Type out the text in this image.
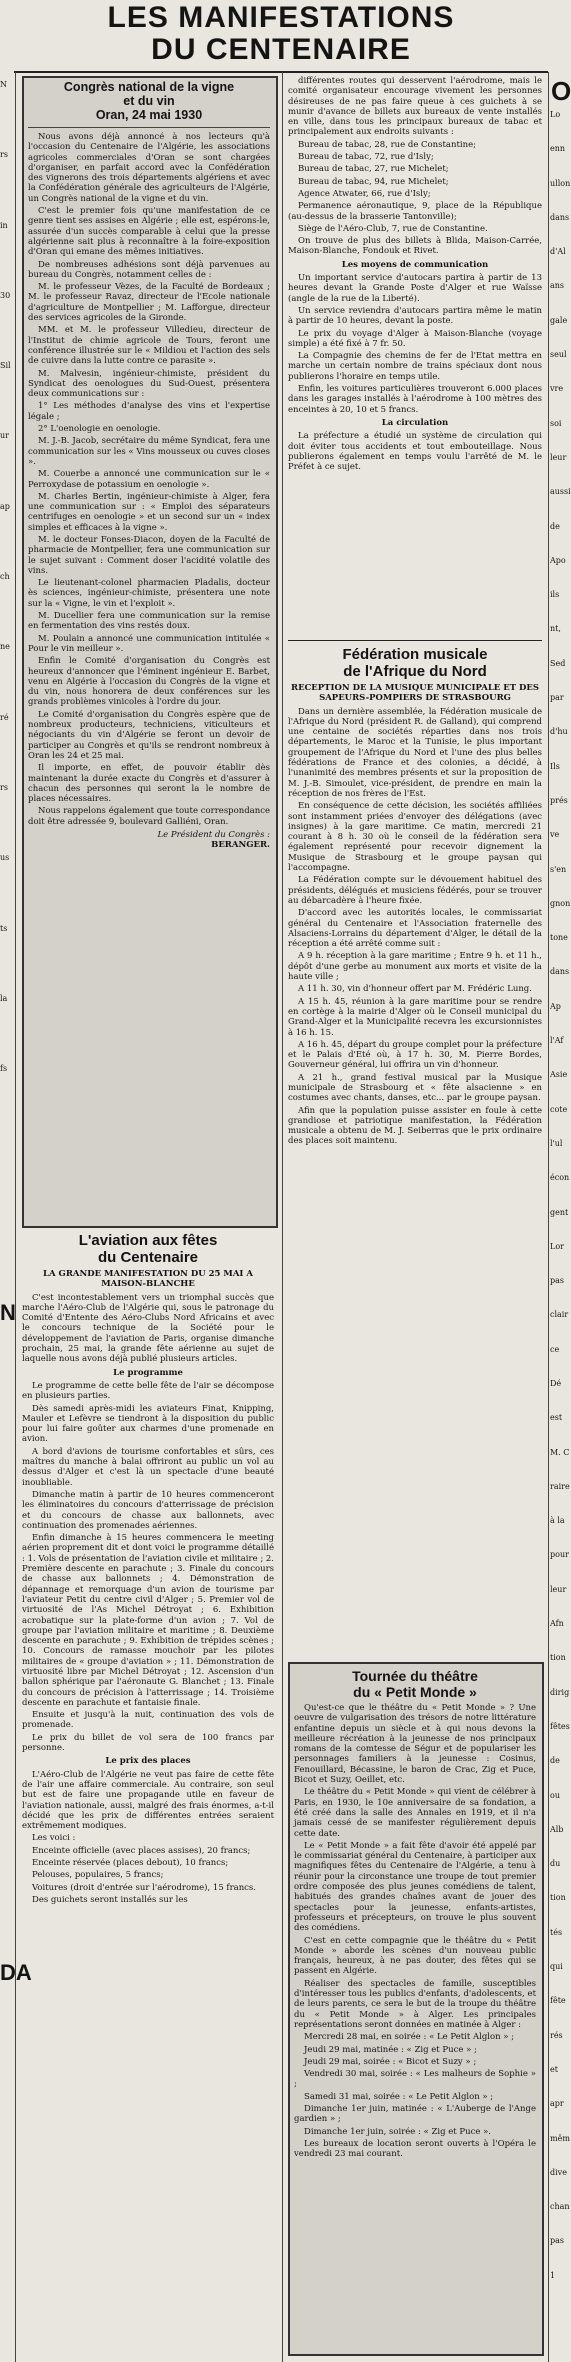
N
rs
in
30
Sil
ur
ap
ch
ne
ré
rs
us
ts
la
fs
LES MANIFESTATIONS
DU CENTENAIRE
Congrès national de la vigne
et du vin
Oran, 24 mai 1930

Nous avons déjà annoncé à nos lecteurs qu'à l'occasion du Centenaire de l'Algérie, les associations agricoles commerciales d'Oran se sont chargées d'organiser, en parfait accord avec la Confédération des vignerons des trois départements algériens et avec la Confédération générale des agriculteurs de l'Algérie, un Congrès national de la vigne et du vin.

C'est le premier fois qu'une manifestation de ce genre tient ses assises en Algérie ; elle est, espérons-le, assurée d'un succès comparable à celui que la presse algérienne sait plus à reconnaître à la foire-exposition d'Oran qui emane des mêmes initiatives.

De nombreuses adhésions sont déjà parvenues au bureau du Congrès, notamment celles de :

M. le professeur Vèzes, de la Faculté de Bordeaux ; M. le professeur Ravaz, directeur de l'Ecole nationale d'agriculture de Montpellier ; M. Lafforgue, directeur des services agricoles de la Gironde.

MM. et M. le professeur Villedieu, directeur de l'Institut de chimie agricole de Tours, feront une conférence illustrée sur le « Mildiou et l'action des sels de cuivre dans la lutte contre ce parasite ».

M. Malvesin, ingénieur-chimiste, président du Syndicat des oenologues du Sud-Ouest, présentera deux communications sur :

1° Les méthodes d'analyse des vins et l'expertise légale ;

2° L'oenologie en oenologie.

M. J.-B. Jacob, secrétaire du même Syndicat, fera une communication sur les « Vins mousseux ou cuves closes ».

M. Couerbe a annoncé une communication sur le « Perroxydase de potassium en oenologie ».

M. Charles Bertin, ingénieur-chimiste à Alger, fera une communication sur : « Emploi des séparateurs centrifuges en oenologie » et un second sur un « index simples et efficaces à la vigne ».

M. le docteur Fonses-Diacon, doyen de la Faculté de pharmacie de Montpellier, fera une communication sur le sujet suivant : Comment doser l'acidité volatile des vins.

Le lieutenant-colonel pharmacien Pladalis, docteur ès sciences, ingénieur-chimiste, présentera une note sur la « Vigne, le vin et l'exploit ».

M. Ducellier fera une communication sur la remise en fermentation des vins restés doux.

M. Poulain a annoncé une communication intitulée « Pour le vin meilleur ».

Enfin le Comité d'organisation du Congrès est heureux d'annoncer que l'éminent ingénieur E. Barbet, venu en Algérie à l'occasion du Congrès de la vigne et du vin, nous honorera de deux conférences sur les grands problèmes vinicoles à l'ordre du jour.

Le Comité d'organisation du Congrès espère que de nombreux producteurs, techniciens, viticulteurs et négociants du vin d'Algérie se feront un devoir de participer au Congrès et qu'ils se rendront nombreux à Oran les 24 et 25 mai.

Il importe, en effet, de pouvoir établir dès maintenant la durée exacte du Congrès et d'assurer à chacun des personnes qui seront la le nombre de places nécessaires.

Nous rappelons également que toute correspondance doit être adressée 9, boulevard Galliéni, Oran.

Le Président du Congrès :
BERANGER.
L'aviation aux fêtes
du Centenaire
LA GRANDE MANIFESTATION DU 25 MAI A MAISON-BLANCHE

C'est incontestablement vers un triomphal succès que marche l'Aéro-Club de l'Algérie qui, sous le patronage du Comité d'Entente des Aéro-Clubs Nord Africains et avec le concours technique de la Société pour le développement de l'aviation de Paris, organise dimanche prochain, 25 mai, la grande fête aérienne au sujet de laquelle nous avons déjà publié plusieurs articles.

Le programme

Le programme de cette belle fête de l'air se décompose en plusieurs parties.

Dès samedi après-midi les aviateurs Finat, Knipping, Mauler et Lefèvre se tiendront à la disposition du public pour lui faire goûter aux charmes d'une promenade en avion.

A bord d'avions de tourisme confortables et sûrs, ces maîtres du manche à balai offriront au public un vol au dessus d'Alger et c'est là un spectacle d'une beauté inoubliable.

Dimanche matin à partir de 10 heures commenceront les éliminatoires du concours d'atterrissage de précision et du concours de chasse aux ballonnets, avec continuation des promenades aériennes.

Enfin dimanche à 15 heures commencera le meeting aérien proprement dit et dont voici le programme détaillé : 1. Vols de présentation de l'aviation civile et militaire ; 2. Première descente en parachute ; 3. Finale du concours de chasse aux ballonnets ; 4. Démonstration de dépannage et remorquage d'un avion de tourisme par l'aviateur Petit du centre civil d'Alger ; 5. Premier vol de virtuosité de l'As Michel Détroyat ; 6. Exhibition acrobatique sur la plate-forme d'un avion ; 7. Vol de groupe par l'aviation militaire et maritime ; 8. Deuxième descente en parachute ; 9. Exhibition de trépides scènes ; 10. Concours de ramasse mouchoir par les pilotes militaires de « groupe d'aviation » ; 11. Démonstration de virtuosité libre par Michel Détroyat ; 12. Ascension d'un ballon sphérique par l'aéronaute G. Blanchet ; 13. Finale du concours de précision à l'atterrissage ; 14. Troisième descente en parachute et fantaisie finale.

Ensuite et jusqu'à la nuit, continuation des vols de promenade.

Le prix du billet de vol sera de 100 francs par personne.

Le prix des places

L'Aéro-Club de l'Algérie ne veut pas faire de cette fête de l'air une affaire commerciale. Au contraire, son seul but est de faire une propagande utile en faveur de l'aviation nationale, aussi, malgré des frais énormes, a-t-il décidé que les prix de différentes entrées seraient extrêmement modiques.

Les voici :

Enceinte officielle (avec places assises), 20 francs;

Enceinte réservée (places debout), 10 francs;

Pelouses, populaires, 5 francs;

Voitures (droit d'entrée sur l'aérodrome), 15 francs.

Des guichets seront installés sur les

différentes routes qui desservent l'aérodrome, mais le comité organisateur encourage vivement les personnes désireuses de ne pas faire queue à ces guichets à se munir d'avance de billets aux bureaux de vente installés en ville, dans tous les principaux bureaux de tabac et principalement aux endroits suivants :

Bureau de tabac, 28, rue de Constantine;

Bureau de tabac, 72, rue d'Isly;

Bureau de tabac, 27, rue Michelet;

Bureau de tabac, 94, rue Michelet;

Agence Atwater, 66, rue d'Isly;

Permanence aéronautique, 9, place de la République (au-dessus de la brasserie Tantonville);

Siège de l'Aéro-Club, 7, rue de Constantine.

On trouve de plus des billets à Blida, Maison-Carrée, Maison-Blanche, Fondouk et Rivet.

Les moyens de communication

Un important service d'autocars partira à partir de 13 heures devant la Grande Poste d'Alger et rue Waïsse (angle de la rue de la Liberté).

Un service reviendra d'autocars partira même le matin à partir de 10 heures, devant la poste.

Le prix du voyage d'Alger à Maison-Blanche (voyage simple) a été fixé à 7 fr. 50.

La Compagnie des chemins de fer de l'Etat mettra en marche un certain nombre de trains spéciaux dont nous publierons l'horaire en temps utile.

Enfin, les voitures particulières trouveront 6.000 places dans les garages installés à l'aérodrome à 100 mètres des enceintes à 20, 10 et 5 francs.

La circulation

La préfecture a étudié un système de circulation qui doit éviter tous accidents et tout embouteillage. Nous publierons également en temps voulu l'arrêté de M. le Préfet à ce sujet.

Fédération musicale
de l'Afrique du Nord
RECEPTION DE LA MUSIQUE MUNICIPALE ET DES SAPEURS-POMPIERS DE STRASBOURG

Dans un dernière assemblée, la Fédération musicale de l'Afrique du Nord (président R. de Galland), qui comprend une centaine de sociétés réparties dans nos trois départements, le Maroc et la Tunisie, le plus important groupement de l'Afrique du Nord et l'une des plus belles fédérations de France et des colonies, a décidé, à l'unanimité des membres présents et sur la proposition de M. J.-B. Simoulet, vice-président, de prendre en main la réception de nos frères de l'Est.

En conséquence de cette décision, les sociétés affiliées sont instamment priées d'envoyer des délégations (avec insignes) à la gare maritime. Ce matin, mercredi 21 courant à 8 h. 30 où le conseil de la fédération sera également représenté pour recevoir dignement la Musique de Strasbourg et le groupe paysan qui l'accompagne.

La Fédération compte sur le dévouement habituel des présidents, délégués et musiciens fédérés, pour se trouver au débarcadère à l'heure fixée.

D'accord avec les autorités locales, le commissariat général du Centenaire et l'Association fraternelle des Alsaciens-Lorrains du département d'Alger, le détail de la réception a été arrêté comme suit :

A 9 h. réception à la gare maritime ; Entre 9 h. et 11 h., dépôt d'une gerbe au monument aux morts et visite de la haute ville ;

A 11 h. 30, vin d'honneur offert par M. Frédéric Lung.

A 15 h. 45, réunion à la gare maritime pour se rendre en cortège à la mairie d'Alger où le Conseil municipal du Grand-Alger et la Municipalité recevra les excursionnistes à 16 h. 15.

A 16 h. 45, départ du groupe complet pour la préfecture et le Palais d'Eté où, à 17 h. 30, M. Pierre Bordes, Gouverneur général, lui offrira un vin d'honneur.

A 21 h., grand festival musical par la Musique municipale de Strasbourg et « fête alsacienne » en costumes avec chants, danses, etc... par le groupe paysan.

Afin que la population puisse assister en foule à cette grandiose et patriotique manifestation, la Fédération musicale a obtenu de M. J. Seiberras que le prix ordinaire des places soit maintenu.

Tournée du théâtre
du « Petit Monde »

Qu'est-ce que le théâtre du « Petit Monde » ? Une oeuvre de vulgarisation des trésors de notre littérature enfantine depuis un siècle et à qui nous devons la meilleure récréation à la jeunesse de nos principaux romans de la comtesse de Ségur et de populariser les personnages familiers à la jeunesse : Cosinus, Fenouillard, Bécassine, le baron de Crac, Zig et Puce, Bicot et Suzy, Oeillet, etc.

Le théâtre du « Petit Monde » qui vient de célébrer à Paris, en 1930, le 10e anniversaire de sa fondation, a été créé dans la salle des Annales en 1919, et il n'a jamais cessé de se manifester régulièrement depuis cette date.

Le « Petit Monde » a fait fête d'avoir été appelé par le commissariat général du Centenaire, à participer aux magnifiques fêtes du Centenaire de l'Algérie, a tenu à réunir pour la circonstance une troupe de tout premier ordre composée des plus jeunes comédiens de talent, habitués des grandes chaînes avant de jouer des spectacles pour la jeunesse, enfants-artistes, professeurs et précepteurs, on trouve le plus souvent des comédiens.

C'est en cette compagnie que le théâtre du « Petit Monde » aborde les scènes d'un nouveau public français, heureux, à ne pas douter, des fêtes qui se passent en Algérie.

Réaliser des spectacles de famille, susceptibles d'intéresser tous les publics d'enfants, d'adolescents, et de leurs parents, ce sera le but de la troupe du théâtre du « Petit Monde » à Alger. Les principales représentations seront données en matinée à Alger :

Mercredi 28 mai, en soirée : « Le Petit Alglon » ;

Jeudi 29 mai, matinée : « Zig et Puce » ;

Jeudi 29 mai, soirée : « Bicot et Suzy » ;

Vendredi 30 mai, soirée : « Les malheurs de Sophie » ;

Samedi 31 mai, soirée : « Le Petit Alglon » ;

Dimanche 1er juin, matinée : « L'Auberge de l'Ange gardien » ;

Dimanche 1er juin, soirée : « Zig et Puce ».

Les bureaux de location seront ouverts à l'Opéra le vendredi 23 mai courant.

O
Lo
enn
ullon
dans
d'Al
ans
gale
seul
vre
soi
leur
aussi
de
Apo
ils
nt,
Sed
par
d'hu
Ils
prés
ve
s'en
gnon
tone
dans
Ap
l'Af
Asie
cote
l'ul
écon
gent
Lor
pas
clair
ce
Dé
est
M. C
raire
à la
pour
leur
Afn
tion
dirig
fêtes
de
ou
Alb
du
tion
tés
qui
fête
rés
et
apr
mêm
dive
chan
pas
1
N
DA
